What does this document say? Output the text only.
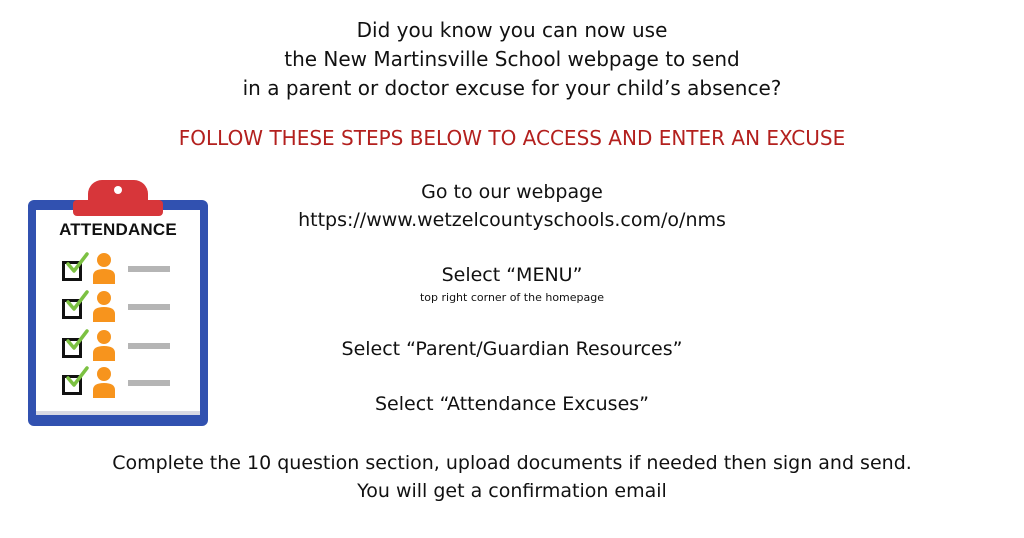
Did you know you can now use
the New Martinsville School webpage to send
in a parent or doctor excuse for your child’s absence?
FOLLOW THESE STEPS BELOW TO ACCESS AND ENTER AN EXCUSE
Go to our webpage
https://www.wetzelcountyschools.com/o/nms
Select “MENU”
top right corner of the homepage
Select “Parent/Guardian Resources”
Select “Attendance Excuses”
Complete the 10 question section, upload documents if needed then sign and send.
You will get a confirmation email
ATTENDANCE
